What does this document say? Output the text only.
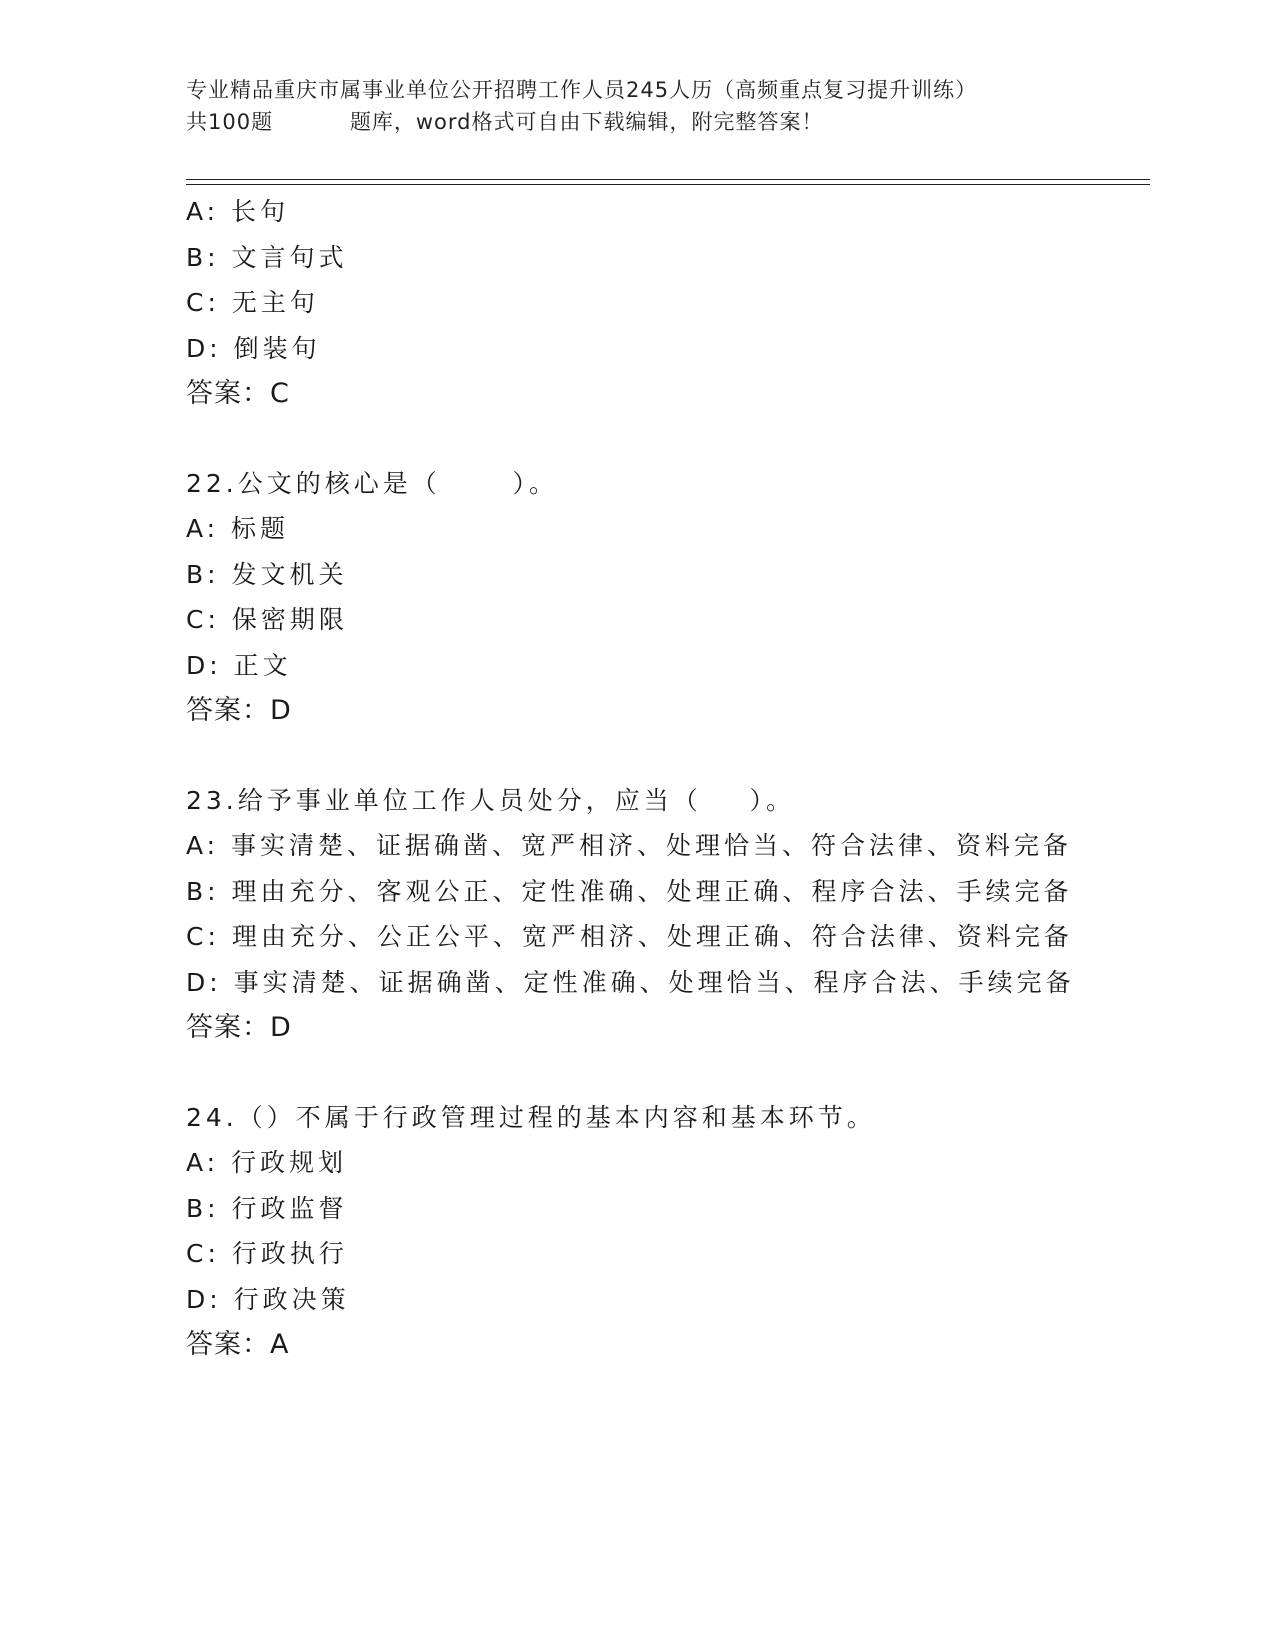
专业精品重庆市属事业单位公开招聘工作人员245人历（高频重点复习提升训练）
共100题          题库，word格式可自由下载编辑，附完整答案！
A: 长句
B: 文言句式
C: 无主句
D: 倒装句
答案：C
22.公文的核心是（      ）。
A: 标题
B: 发文机关
C: 保密期限
D: 正文
答案：D
23.给予事业单位工作人员处分，应当（    ）。
A: 事实清楚、证据确凿、宽严相济、处理恰当、符合法律、资料完备
B: 理由充分、客观公正、定性准确、处理正确、程序合法、手续完备
C: 理由充分、公正公平、宽严相济、处理正确、符合法律、资料完备
D: 事实清楚、证据确凿、定性准确、处理恰当、程序合法、手续完备
答案：D
24.（）不属于行政管理过程的基本内容和基本环节。
A: 行政规划
B: 行政监督
C: 行政执行
D: 行政决策
答案：A
